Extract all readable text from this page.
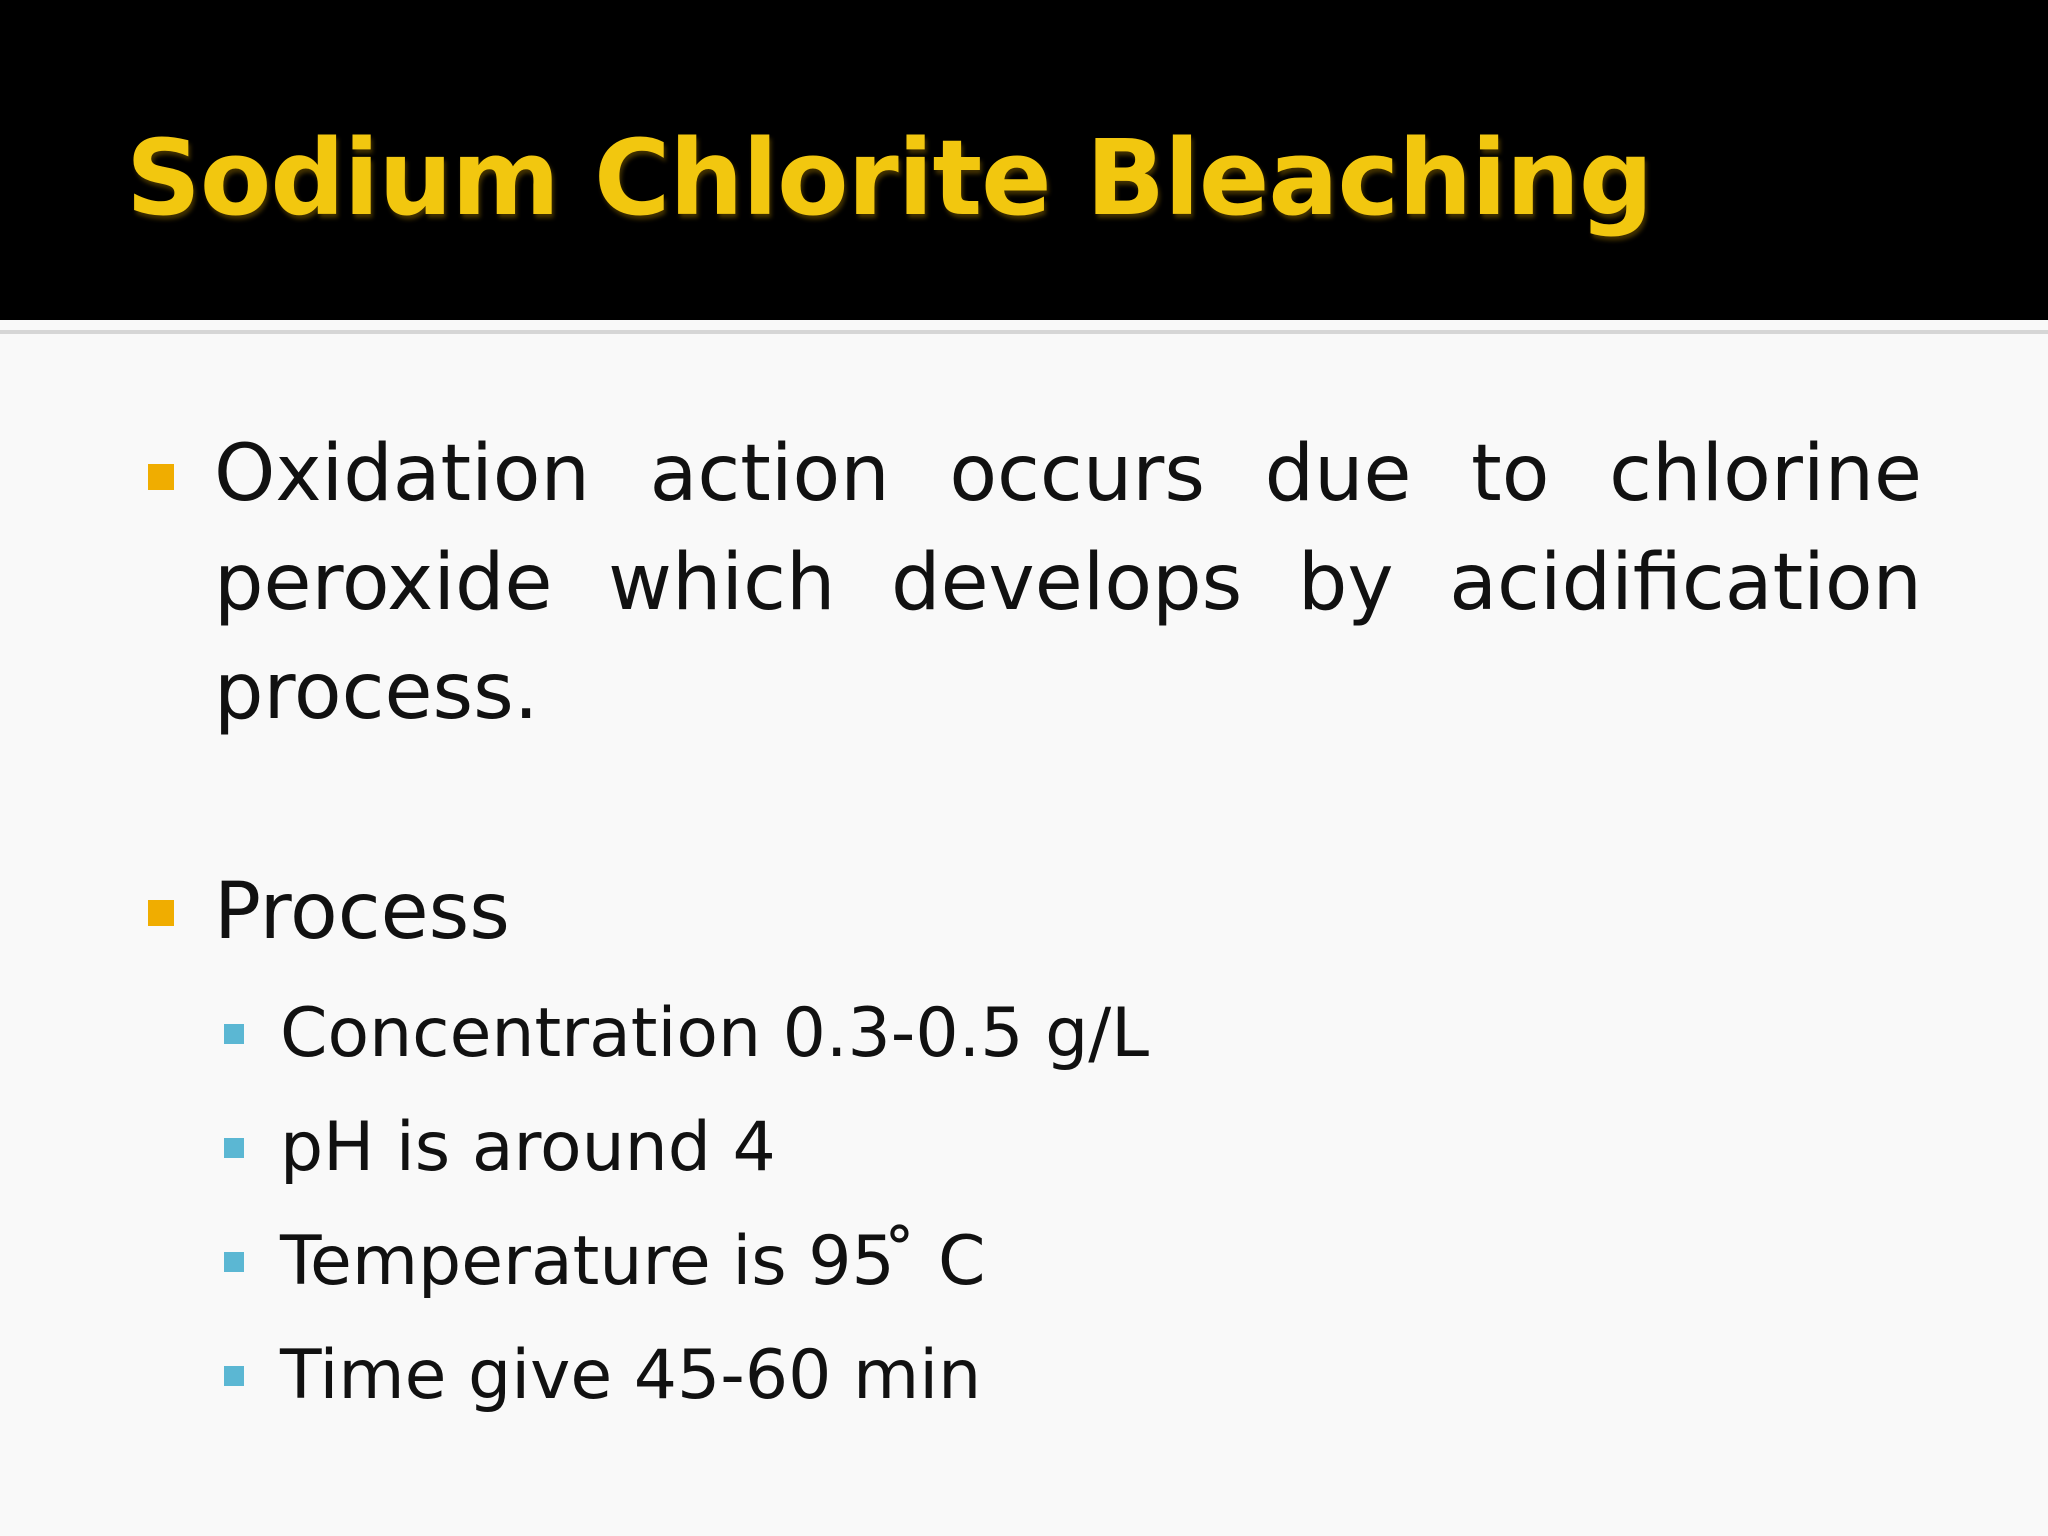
Sodium Chlorite Bleaching

Oxidation action occurs due to chlorine peroxide which develops by acidification process.

Process

Concentration 0.3-0.5 g/L

pH is around 4

Temperature is 95 ̊ C

Time give 45-60 min
